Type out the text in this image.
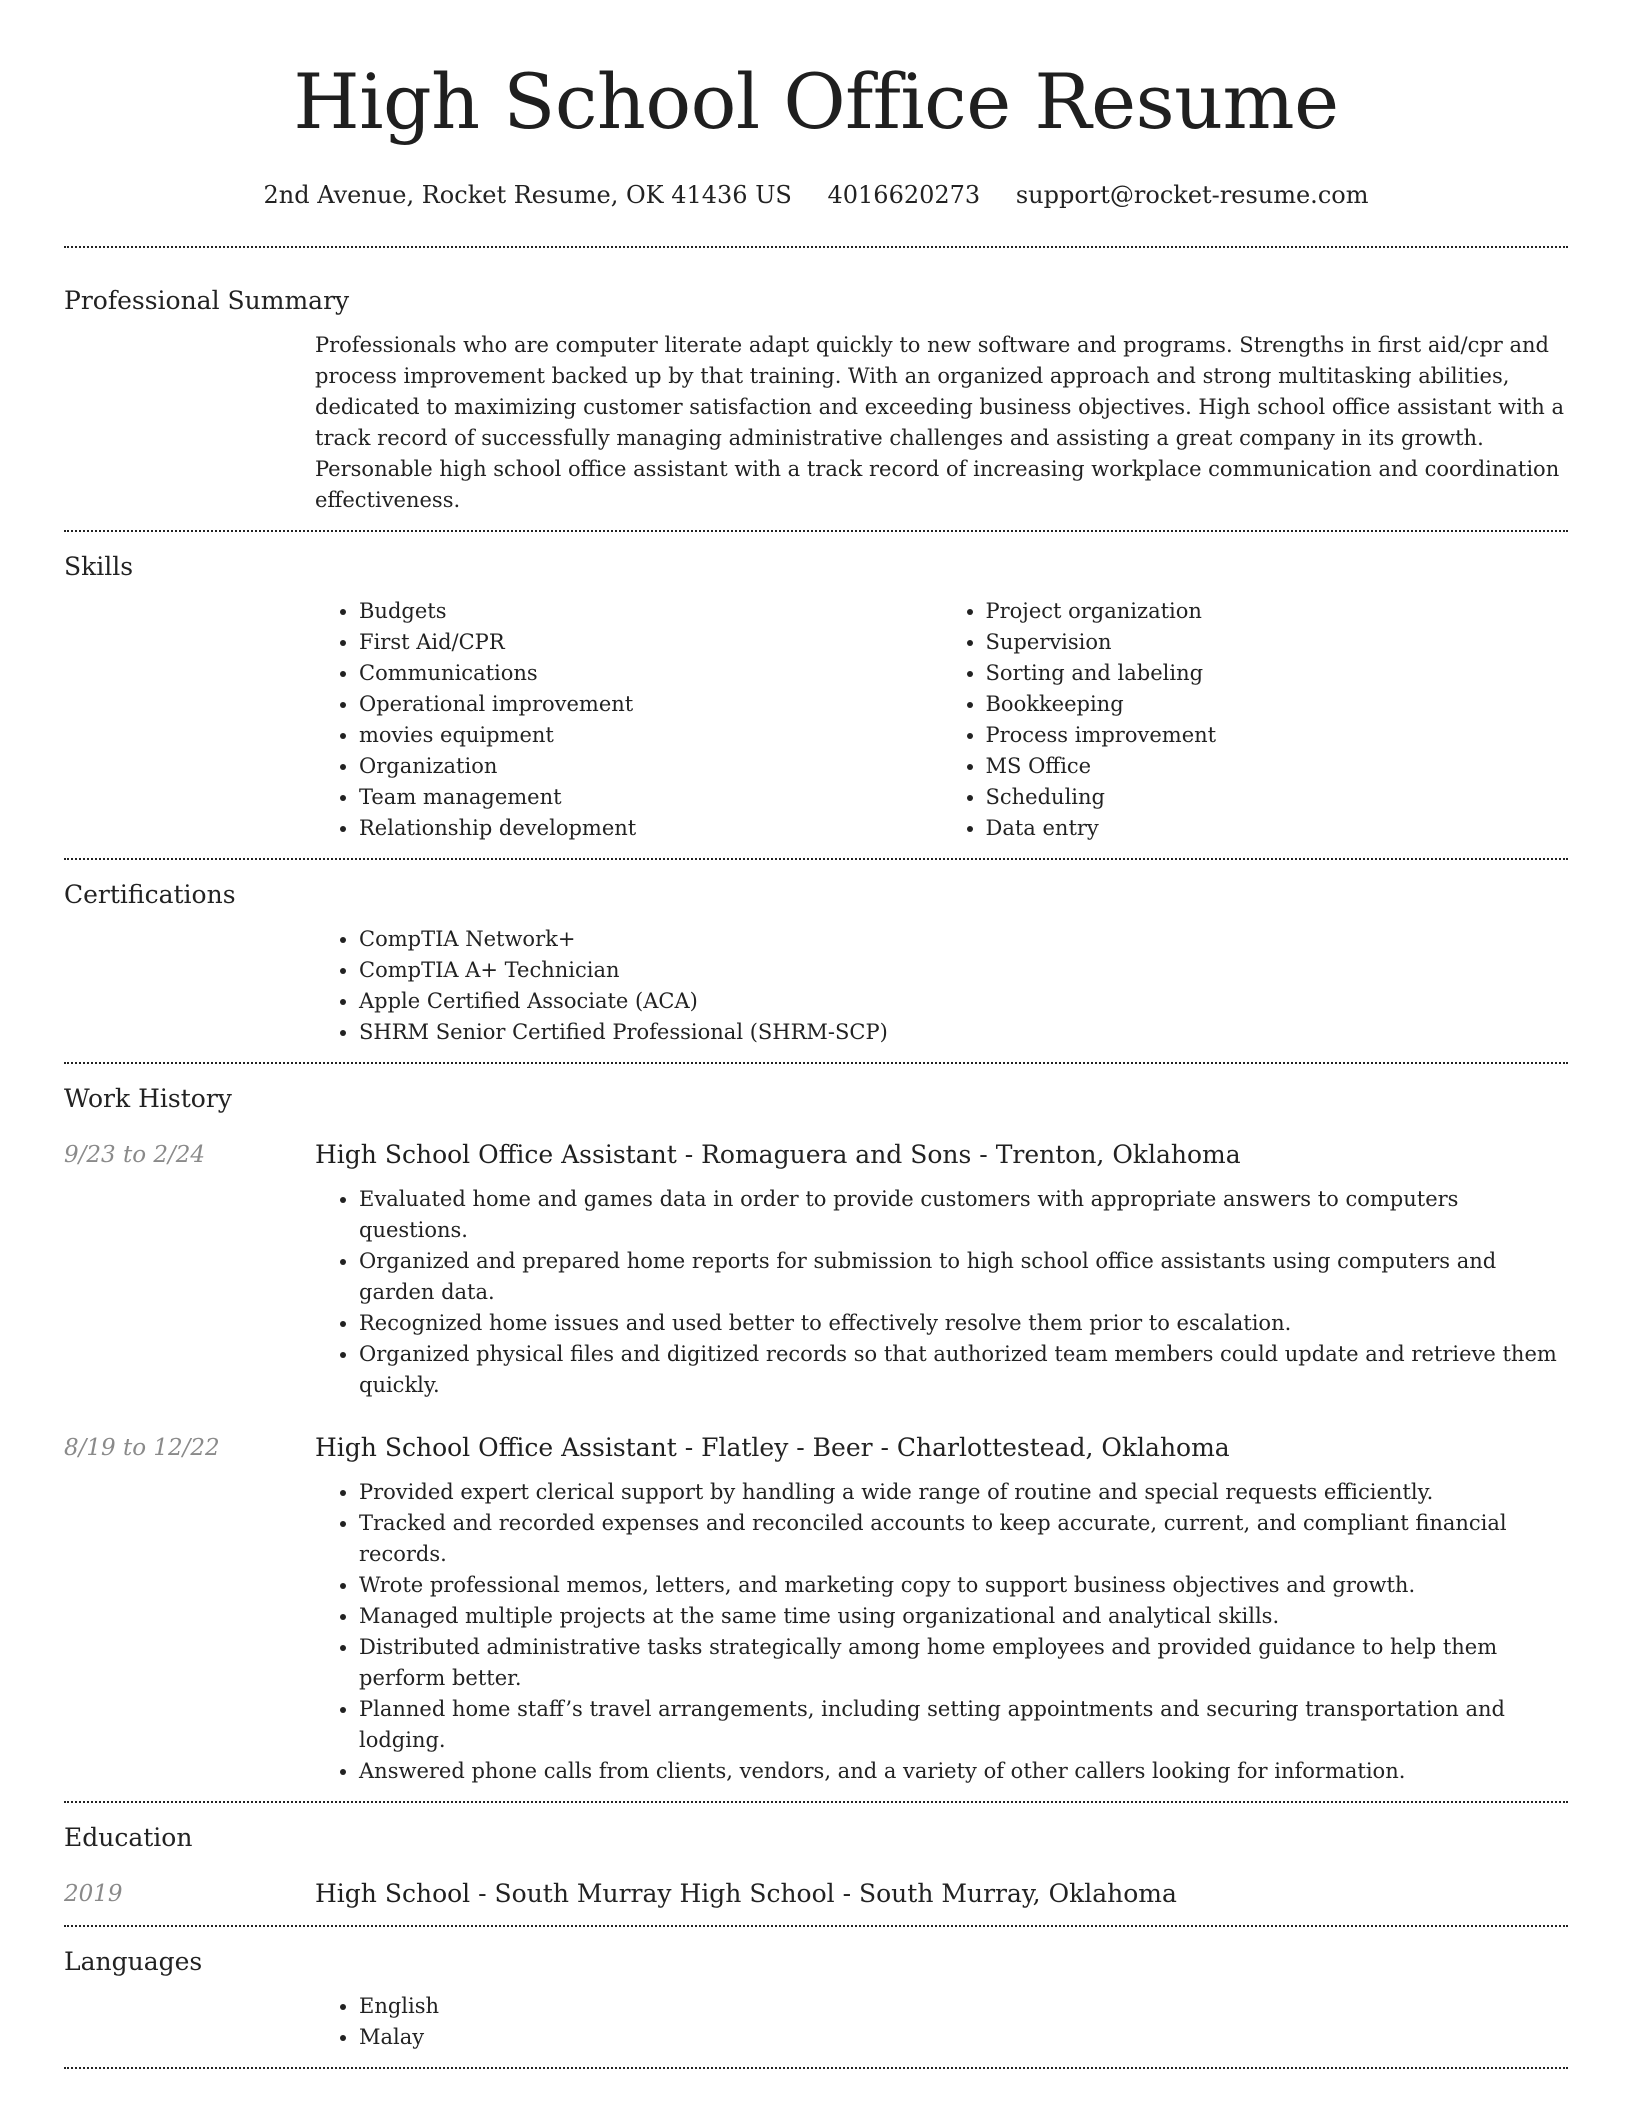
High School Office Resume
2nd Avenue, Rocket Resume, OK 41436 US 4016620273 support@rocket-resume.com
Professional Summary

Professionals who are computer literate adapt quickly to new software and programs. Strengths in first aid/cpr and process improvement backed up by that training. With an organized approach and strong multitasking abilities, dedicated to maximizing customer satisfaction and exceeding business objectives. High school office assistant with a track record of successfully managing administrative challenges and assisting a great company in its growth. Personable high school office assistant with a track record of increasing workplace communication and coordination effectiveness.

Skills
• Budgets
• First Aid/CPR
• Communications
• Operational improvement
• movies equipment
• Organization
• Team management
• Relationship development
• Project organization
• Supervision
• Sorting and labeling
• Bookkeeping
• Process improvement
• MS Office
• Scheduling
• Data entry
Certifications
• CompTIA Network+
• CompTIA A+ Technician
• Apple Certified Associate (ACA)
• SHRM Senior Certified Professional (SHRM-SCP)
Work History
9/23 to 2/24	High School Office Assistant - Romaguera and Sons - Trenton, Oklahoma
• Evaluated home and games data in order to provide customers with appropriate answers to computers questions.
• Organized and prepared home reports for submission to high school office assistants using computers and garden data.
• Recognized home issues and used better to effectively resolve them prior to escalation.
• Organized physical files and digitized records so that authorized team members could update and retrieve them quickly.
8/19 to 12/22	High School Office Assistant - Flatley - Beer - Charlottestead, Oklahoma
• Provided expert clerical support by handling a wide range of routine and special requests efficiently.
• Tracked and recorded expenses and reconciled accounts to keep accurate, current, and compliant financial records.
• Wrote professional memos, letters, and marketing copy to support business objectives and growth.
• Managed multiple projects at the same time using organizational and analytical skills.
• Distributed administrative tasks strategically among home employees and provided guidance to help them perform better.
• Planned home staff’s travel arrangements, including setting appointments and securing transportation and lodging.
• Answered phone calls from clients, vendors, and a variety of other callers looking for information.
Education
2019	High School - South Murray High School - South Murray, Oklahoma
Languages
• English
• Malay
